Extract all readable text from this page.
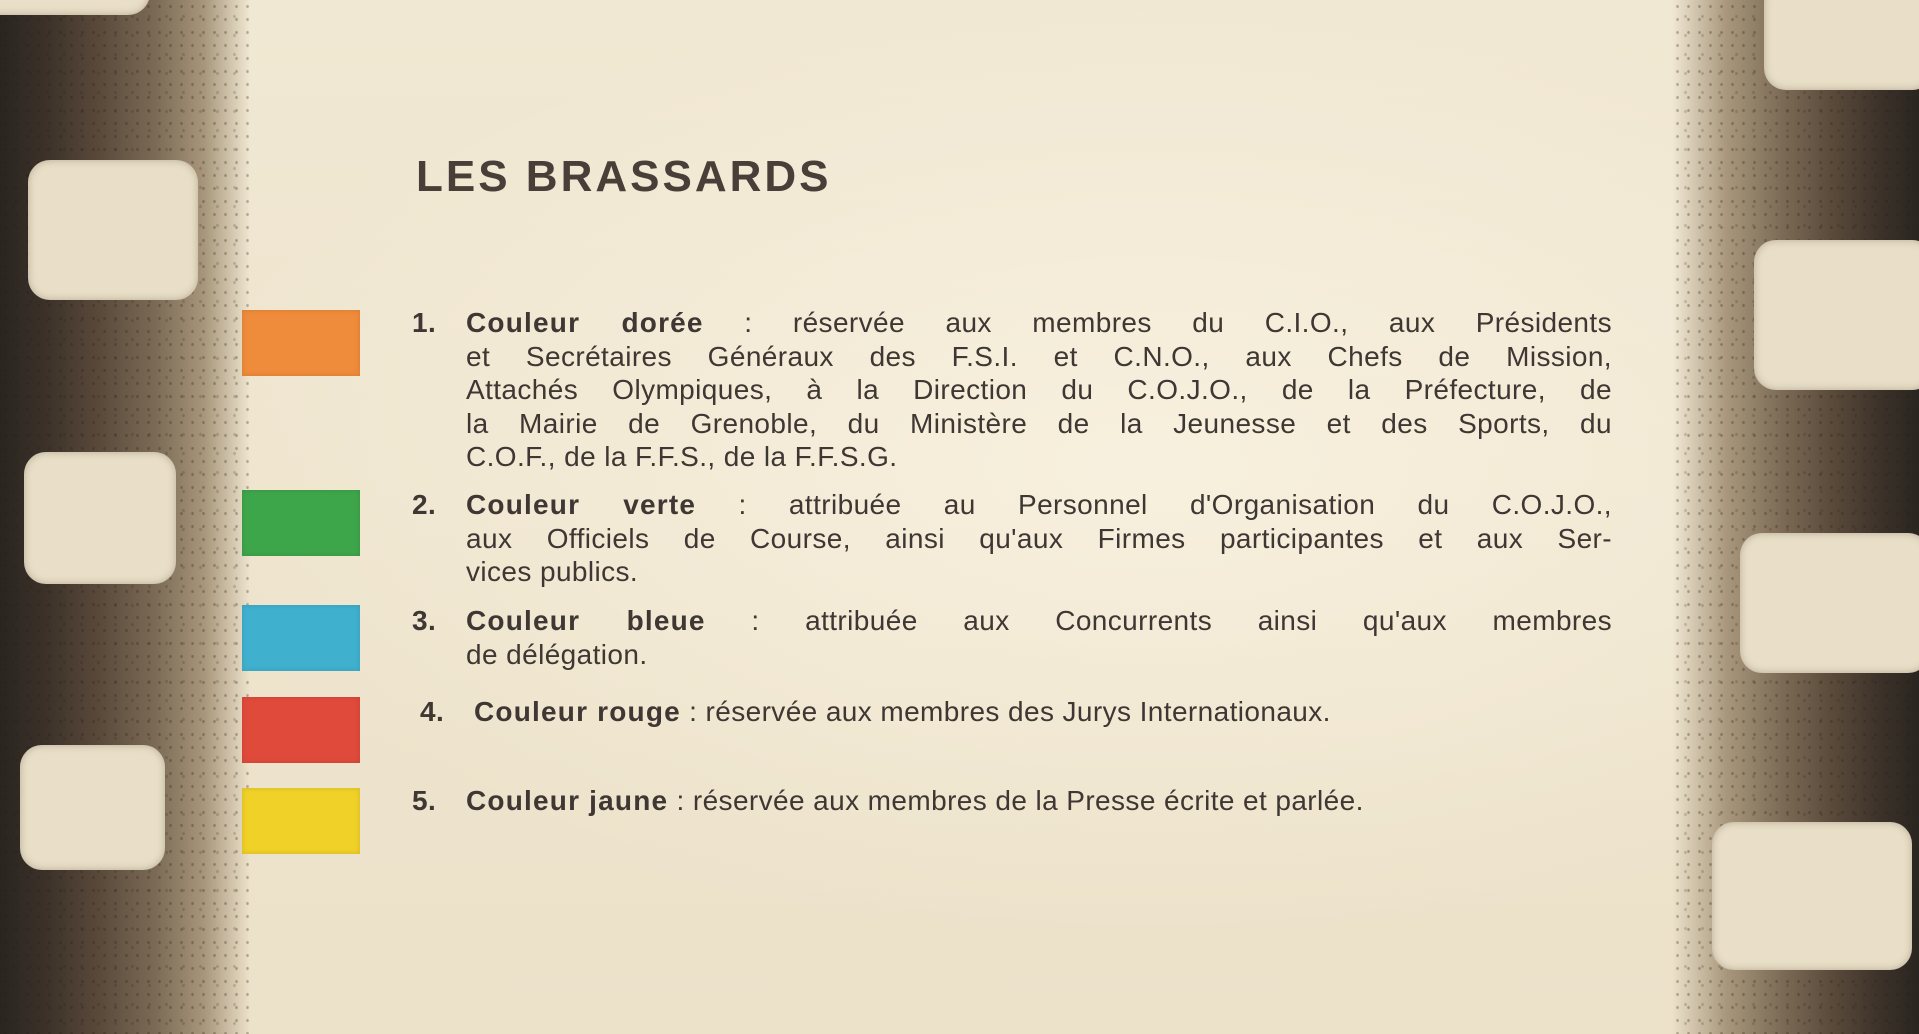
LES BRASSARDS
1. Couleur dorée : réservée aux membres du C.I.O., aux Présidents
et Secrétaires Généraux des F.S.I. et C.N.O., aux Chefs de Mission,
Attachés Olympiques, à la Direction du C.O.J.O., de la Préfecture, de
la Mairie de Grenoble, du Ministère de la Jeunesse et des Sports, du
C.O.F., de la F.F.S., de la F.F.S.G.
2. Couleur verte : attribuée au Personnel d'Organisation du C.O.J.O.,
aux Officiels de Course, ainsi qu'aux Firmes participantes et aux Ser-
vices publics.
3. Couleur bleue : attribuée aux Concurrents ainsi qu'aux membres
de délégation.
4. Couleur rouge : réservée aux membres des Jurys Internationaux.
5. Couleur jaune : réservée aux membres de la Presse écrite et parlée.
